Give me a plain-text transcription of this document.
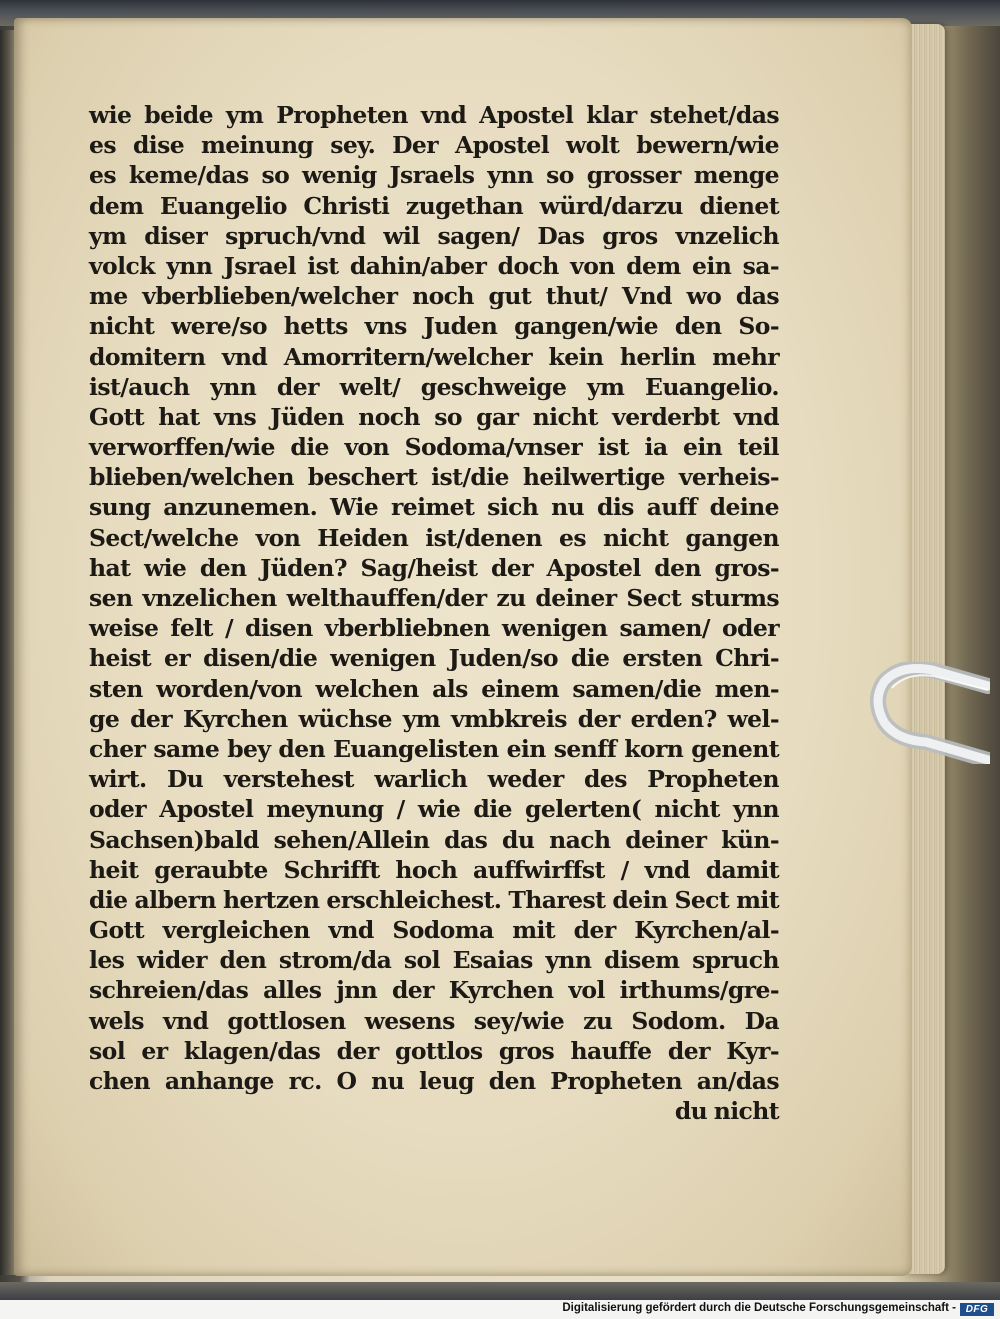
wie beide ym Propheten vnd Apostel klar stehet/das
es dise meinung sey. Der Apostel wolt bewern/wie
es keme/das so wenig Jsraels ynn so grosser menge
dem Euangelio Christi zugethan würd/darzu dienet
ym diser spruch/vnd wil sagen/ Das gros vnzelich
volck ynn Jsrael ist dahin/aber doch von dem ein sa-
me vberblieben/welcher noch gut thut/ Vnd wo das
nicht were/so hetts vns Juden gangen/wie den So-
domitern vnd Amorritern/welcher kein herlin mehr
ist/auch ynn der welt/ geschweige ym Euangelio.
Gott hat vns Jüden noch so gar nicht verderbt vnd
verworffen/wie die von Sodoma/vnser ist ia ein teil
blieben/welchen beschert ist/die heilwertige verheis-
sung anzunemen. Wie reimet sich nu dis auff deine
Sect/welche von Heiden ist/denen es nicht gangen
hat wie den Jüden? Sag/heist der Apostel den gros-
sen vnzelichen welthauffen/der zu deiner Sect sturms
weise felt / disen vberbliebnen wenigen samen/ oder
heist er disen/die wenigen Juden/so die ersten Chri-
sten worden/von welchen als einem samen/die men-
ge der Kyrchen wüchse ym vmbkreis der erden? wel-
cher same bey den Euangelisten ein senff korn genent
wirt. Du verstehest warlich weder des Propheten
oder Apostel meynung / wie die gelerten( nicht ynn
Sachsen)bald sehen/Allein das du nach deiner kün-
heit geraubte Schrifft hoch auffwirffst / vnd damit
die albern hertzen erschleichest. Tharest dein Sect mit
Gott vergleichen vnd Sodoma mit der Kyrchen/al-
les wider den strom/da sol Esaias ynn disem spruch
schreien/das alles jnn der Kyrchen vol irthums/gre-
wels vnd gottlosen wesens sey/wie zu Sodom. Da
sol er klagen/das der gottlos gros hauffe der Kyr-
chen anhange rc. O nu leug den Propheten an/das
du nicht
Digitalisierung gefördert durch die Deutsche Forschungsgemeinschaft - DFG
